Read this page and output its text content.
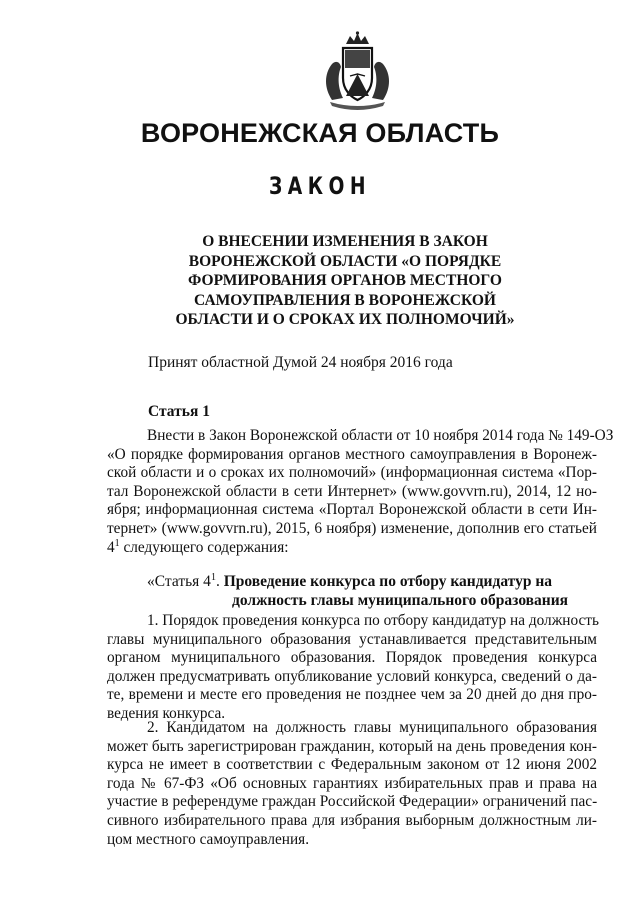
ВОРОНЕЖСКАЯ ОБЛАСТЬ
ЗАКОН
О ВНЕСЕНИИ ИЗМЕНЕНИЯ В ЗАКОН
ВОРОНЕЖСКОЙ ОБЛАСТИ «О ПОРЯДКЕ
ФОРМИРОВАНИЯ ОРГАНОВ МЕСТНОГО
САМОУПРАВЛЕНИЯ В ВОРОНЕЖСКОЙ
ОБЛАСТИ И О СРОКАХ ИХ ПОЛНОМОЧИЙ»
Принят областной Думой 24 ноября 2016 года
Статья 1
Внести в Закон Воронежской области от 10 ноября 2014 года № 149-ОЗ
«О порядке формирования органов местного самоуправления в Воронеж-
ской области и о сроках их полномочий» (информационная система «Пор-
тал Воронежской области в сети Интернет» (www.govvrn.ru), 2014, 12 но-
ября; информационная система «Портал Воронежской области в сети Ин-
тернет» (www.govvrn.ru), 2015, 6 ноября) изменение, дополнив его статьей
$4^1$ следующего содержания:
«Статья $4^1$. Проведение конкурса по отбору кандидатур на
должность главы муниципального образования
1. Порядок проведения конкурса по отбору кандидатур на должность
главы муниципального образования устанавливается представительным
органом муниципального образования. Порядок проведения конкурса
должен предусматривать опубликование условий конкурса, сведений о да-
те, времени и месте его проведения не позднее чем за 20 дней до дня про-
ведения конкурса.
2. Кандидатом на должность главы муниципального образования
может быть зарегистрирован гражданин, который на день проведения кон-
курса не имеет в соответствии с Федеральным законом от 12 июня 2002
года № 67-ФЗ «Об основных гарантиях избирательных прав и права на
участие в референдуме граждан Российской Федерации» ограничений пас-
сивного избирательного права для избрания выборным должностным ли-
цом местного самоуправления.
